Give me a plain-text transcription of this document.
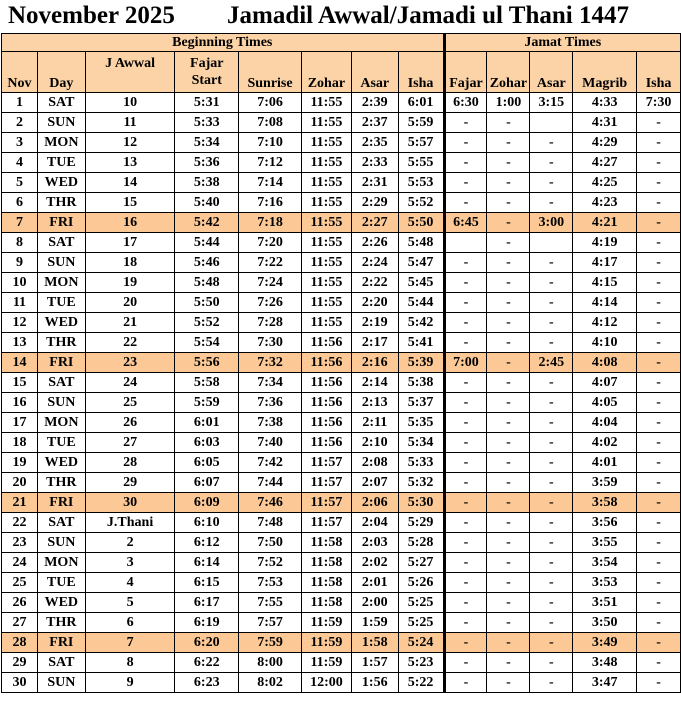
November 2025 Jamadil Awwal/Jamadi ul Thani 1447
Beginning Times								Jamat Times				
Nov	Day	J Awwal	Fajar
Start	Sunrise	Zohar	Asar	Isha	Fajar	Zohar	Asar	Magrib	Isha
1	SAT	10	5:31	7:06	11:55	2:39	6:01	6:30	1:00	3:15	4:33	7:30
2	SUN	11	5:33	7:08	11:55	2:37	5:59	-	-		4:31	-
3	MON	12	5:34	7:10	11:55	2:35	5:57	-	-	-	4:29	-
4	TUE	13	5:36	7:12	11:55	2:33	5:55	-	-	-	4:27	-
5	WED	14	5:38	7:14	11:55	2:31	5:53	-	-	-	4:25	-
6	THR	15	5:40	7:16	11:55	2:29	5:52	-	-	-	4:23	-
7	FRI	16	5:42	7:18	11:55	2:27	5:50	6:45	-	3:00	4:21	-
8	SAT	17	5:44	7:20	11:55	2:26	5:48		-		4:19	-
9	SUN	18	5:46	7:22	11:55	2:24	5:47	-	-	-	4:17	-
10	MON	19	5:48	7:24	11:55	2:22	5:45	-	-	-	4:15	-
11	TUE	20	5:50	7:26	11:55	2:20	5:44	-	-	-	4:14	-
12	WED	21	5:52	7:28	11:55	2:19	5:42	-	-	-	4:12	-
13	THR	22	5:54	7:30	11:56	2:17	5:41	-	-	-	4:10	-
14	FRI	23	5:56	7:32	11:56	2:16	5:39	7:00	-	2:45	4:08	-
15	SAT	24	5:58	7:34	11:56	2:14	5:38	-	-	-	4:07	-
16	SUN	25	5:59	7:36	11:56	2:13	5:37	-	-	-	4:05	-
17	MON	26	6:01	7:38	11:56	2:11	5:35	-	-	-	4:04	-
18	TUE	27	6:03	7:40	11:56	2:10	5:34	-	-	-	4:02	-
19	WED	28	6:05	7:42	11:57	2:08	5:33	-	-	-	4:01	-
20	THR	29	6:07	7:44	11:57	2:07	5:32	-	-	-	3:59	-
21	FRI	30	6:09	7:46	11:57	2:06	5:30	-	-	-	3:58	-
22	SAT	J.Thani	6:10	7:48	11:57	2:04	5:29	-	-	-	3:56	-
23	SUN	2	6:12	7:50	11:58	2:03	5:28	-	-	-	3:55	-
24	MON	3	6:14	7:52	11:58	2:02	5:27	-	-	-	3:54	-
25	TUE	4	6:15	7:53	11:58	2:01	5:26	-	-	-	3:53	-
26	WED	5	6:17	7:55	11:58	2:00	5:25	-	-	-	3:51	-
27	THR	6	6:19	7:57	11:59	1:59	5:25	-	-	-	3:50	-
28	FRI	7	6:20	7:59	11:59	1:58	5:24	-	-	-	3:49	-
29	SAT	8	6:22	8:00	11:59	1:57	5:23	-	-	-	3:48	-
30	SUN	9	6:23	8:02	12:00	1:56	5:22	-	-	-	3:47	-
